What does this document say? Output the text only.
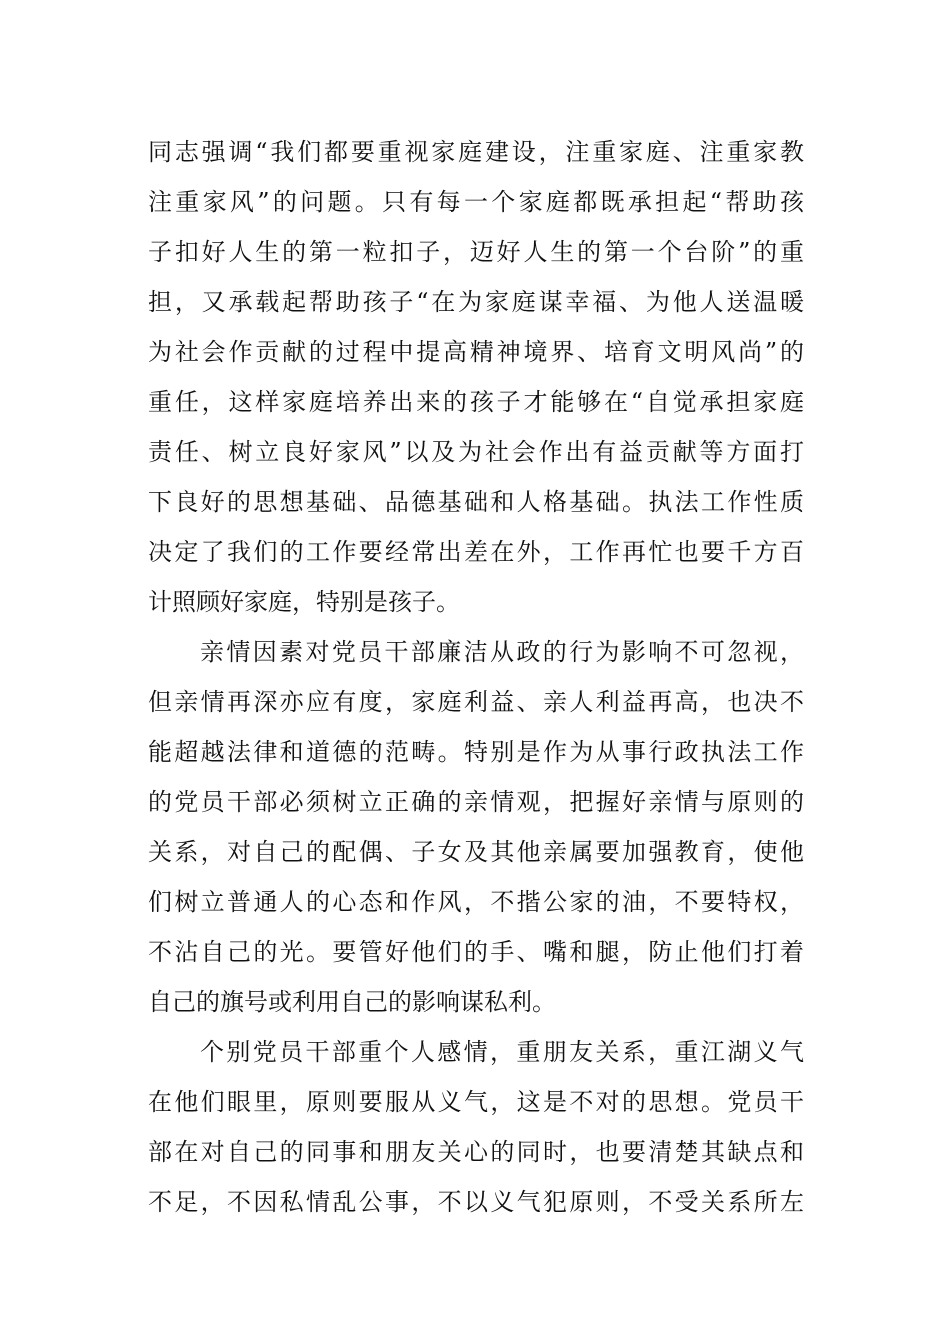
同志强调“我们都要重视家庭建设，注重家庭、注重家教
注重家风”的问题。只有每一个家庭都既承担起“帮助孩
子扣好人生的第一粒扣子，迈好人生的第一个台阶”的重
担，又承载起帮助孩子“在为家庭谋幸福、为他人送温暖
为社会作贡献的过程中提高精神境界、培育文明风尚”的
重任，这样家庭培养出来的孩子才能够在“自觉承担家庭
责任、树立良好家风”以及为社会作出有益贡献等方面打
下良好的思想基础、品德基础和人格基础。执法工作性质
决定了我们的工作要经常出差在外，工作再忙也要千方百
计照顾好家庭，特别是孩子。
亲情因素对党员干部廉洁从政的行为影响不可忽视，
但亲情再深亦应有度，家庭利益、亲人利益再高，也决不
能超越法律和道德的范畴。特别是作为从事行政执法工作
的党员干部必须树立正确的亲情观，把握好亲情与原则的
关系，对自己的配偶、子女及其他亲属要加强教育，使他
们树立普通人的心态和作风，不揩公家的油，不要特权，
不沾自己的光。要管好他们的手、嘴和腿，防止他们打着
自己的旗号或利用自己的影响谋私利。
个别党员干部重个人感情，重朋友关系，重江湖义气
在他们眼里，原则要服从义气，这是不对的思想。党员干
部在对自己的同事和朋友关心的同时，也要清楚其缺点和
不足，不因私情乱公事，不以义气犯原则，不受关系所左
